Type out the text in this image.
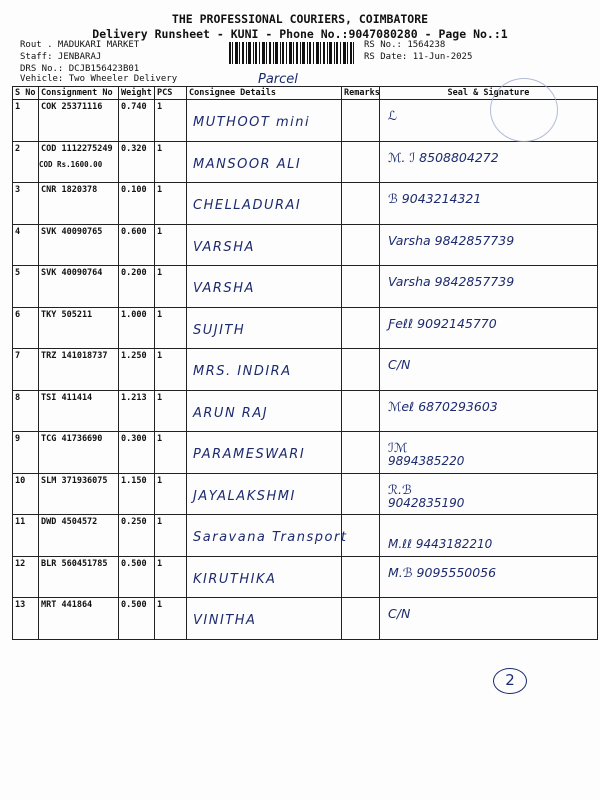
THE PROFESSIONAL COURIERS, COIMBATORE
Delivery Runsheet - KUNI - Phone No.:9047080280 - Page No.:1
Rout . MADUKARI MARKET
Staff: JENBARAJ
DRS No.: DCJB156423B01
Vehicle: Two Wheeler Delivery
RS No.: 1564238
RS Date: 11-Jun-2025
Parcel
S No	Consignment No	Weight	PCS	Consignee Details	Remarks	Seal & Signature
1	COK 25371116	0.740	1	MUTHOOT mini		ℒ

2	COD 1112275249
COD Rs.1600.00	0.320	1	MANSOOR ALI		ℳ. ℐ 8508804272

3	CNR 1820378	0.100	1	CHELLADURAI		ℬ 9043214321

4	SVK 40090765	0.600	1	VARSHA		Varsha 9842857739

5	SVK 40090764	0.200	1	VARSHA		Varsha 9842857739

6	TKY 505211	1.000	1	SUJITH		Ƒeℓℓ 9092145770

7	TRZ 141018737	1.250	1	MRS. INDIRA		C/N

8	TSI 411414	1.213	1	ARUN RAJ		ℳeℓ 6870293603

9	TCG 41736690	0.300	1	PARAMESWARI		ℐℳ
9894385220

10	SLM 371936075	1.150	1	JAYALAKSHMI		ℛ.ℬ
9042835190

11	DWD 4504572	0.250	1	Saravana Transport		M.ℓℓ 9443182210

12	BLR 560451785	0.500	1	KIRUTHIKA		M.ℬ 9095550056

13	MRT 441864	0.500	1	VINITHA		C/N
2
